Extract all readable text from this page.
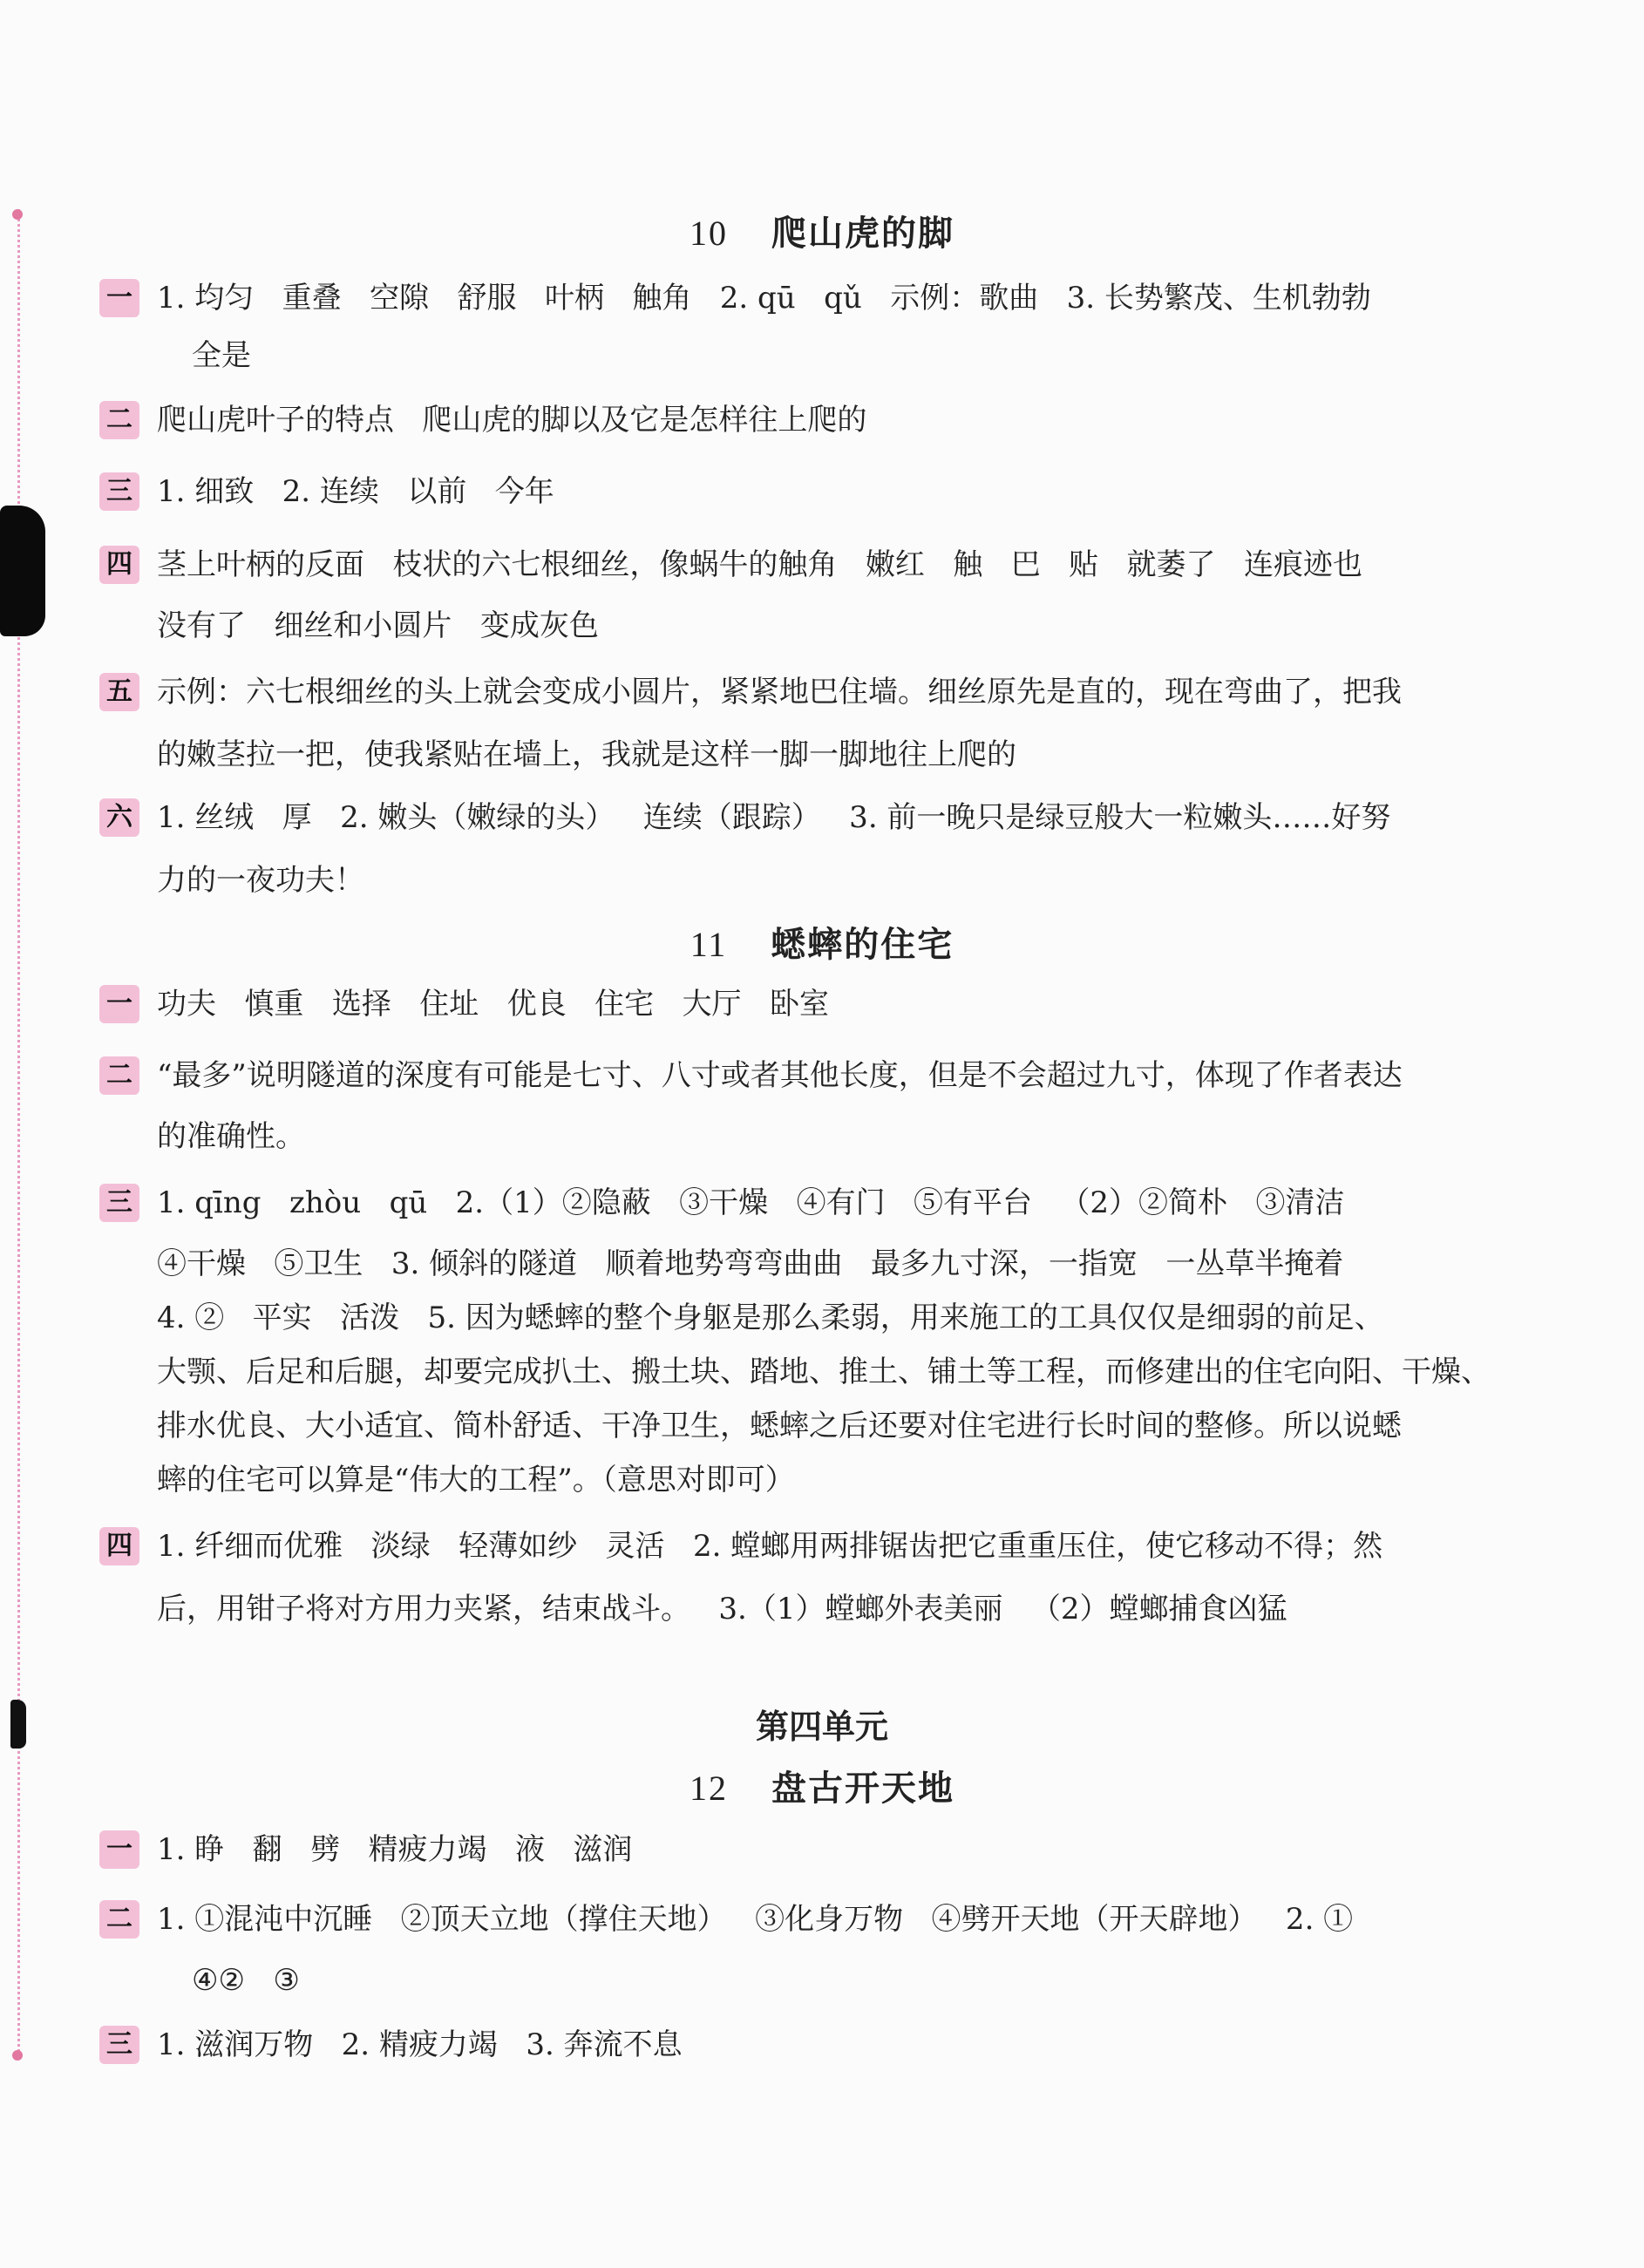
10 爬山虎的脚
一 1. 均匀   重叠   空隙   舒服   叶柄   触角   2. qū   qǔ   示例：歌曲   3. 长势繁茂、生机勃勃
全是
二 爬山虎叶子的特点   爬山虎的脚以及它是怎样往上爬的
三 1. 细致   2. 连续   以前   今年
四 茎上叶柄的反面   枝状的六七根细丝，像蜗牛的触角   嫩红   触   巴   贴   就萎了   连痕迹也
没有了   细丝和小圆片   变成灰色
五 示例：六七根细丝的头上就会变成小圆片，紧紧地巴住墙。细丝原先是直的，现在弯曲了，把我
的嫩茎拉一把，使我紧贴在墙上，我就是这样一脚一脚地往上爬的
六 1. 丝绒   厚   2. 嫩头（嫩绿的头）   连续（跟踪）   3. 前一晚只是绿豆般大一粒嫩头……好努
力的一夜功夫！
11 蟋蟀的住宅
一 功夫   慎重   选择   住址   优良   住宅   大厅   卧室
二 “最多”说明隧道的深度有可能是七寸、八寸或者其他长度，但是不会超过九寸，体现了作者表达
的准确性。
三 1. qīng   zhòu   qū   2.（1）②隐蔽   ③干燥   ④有门   ⑤有平台   （2）②简朴   ③清洁
④干燥   ⑤卫生   3. 倾斜的隧道   顺着地势弯弯曲曲   最多九寸深，一指宽   一丛草半掩着
4. ②   平实   活泼   5. 因为蟋蟀的整个身躯是那么柔弱，用来施工的工具仅仅是细弱的前足、
大颚、后足和后腿，却要完成扒土、搬土块、踏地、推土、铺土等工程，而修建出的住宅向阳、干燥、
排水优良、大小适宜、简朴舒适、干净卫生，蟋蟀之后还要对住宅进行长时间的整修。所以说蟋
蟀的住宅可以算是“伟大的工程”。（意思对即可）
四 1. 纤细而优雅   淡绿   轻薄如纱   灵活   2. 螳螂用两排锯齿把它重重压住，使它移动不得；然
后，用钳子将对方用力夹紧，结束战斗。   3.（1）螳螂外表美丽   （2）螳螂捕食凶猛
第四单元
12 盘古开天地
一 1. 睁   翻   劈   精疲力竭   液   滋润
二 1. ①混沌中沉睡   ②顶天立地（撑住天地）   ③化身万物   ④劈开天地（开天辟地）   2. ①
④②   ③
三 1. 滋润万物   2. 精疲力竭   3. 奔流不息
